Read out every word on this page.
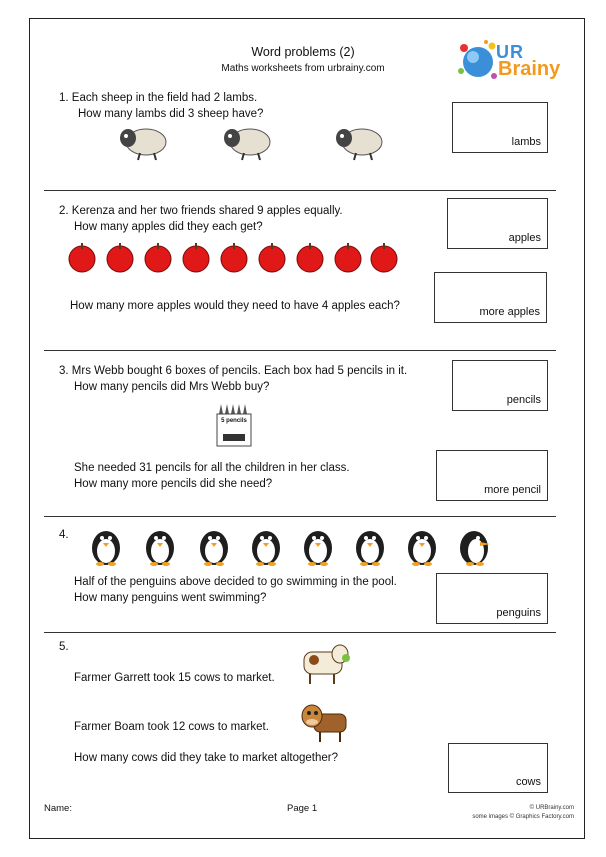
Word problems (2)
Maths worksheets from urbrainy.com
UR
Brainy
1. Each sheep in the field had 2 lambs.
How many lambs did 3 sheep have?
lambs
2. Kerenza and her two friends shared 9 apples equally.
How many apples did they each get?
apples
How many more apples would they need to have 4 apples each?	more apples
3. Mrs Webb bought 6 boxes of pencils. Each box had 5 pencils in it.
How many pencils did Mrs Webb buy?
pencils
5 pencils
She needed 31 pencils for all the children in her class.
How many more pencils did she need?	more pencil
4.
Half of the penguins above decided to go swimming in the pool.
How many penguins went swimming?
penguins
5.
Farmer Garrett took 15 cows to market.
Farmer Boam took 12 cows to market.
How many cows did they take to market altogether?
cows
Name:	Page 1	© URBrainy.com
some images © Graphics Factory.com
